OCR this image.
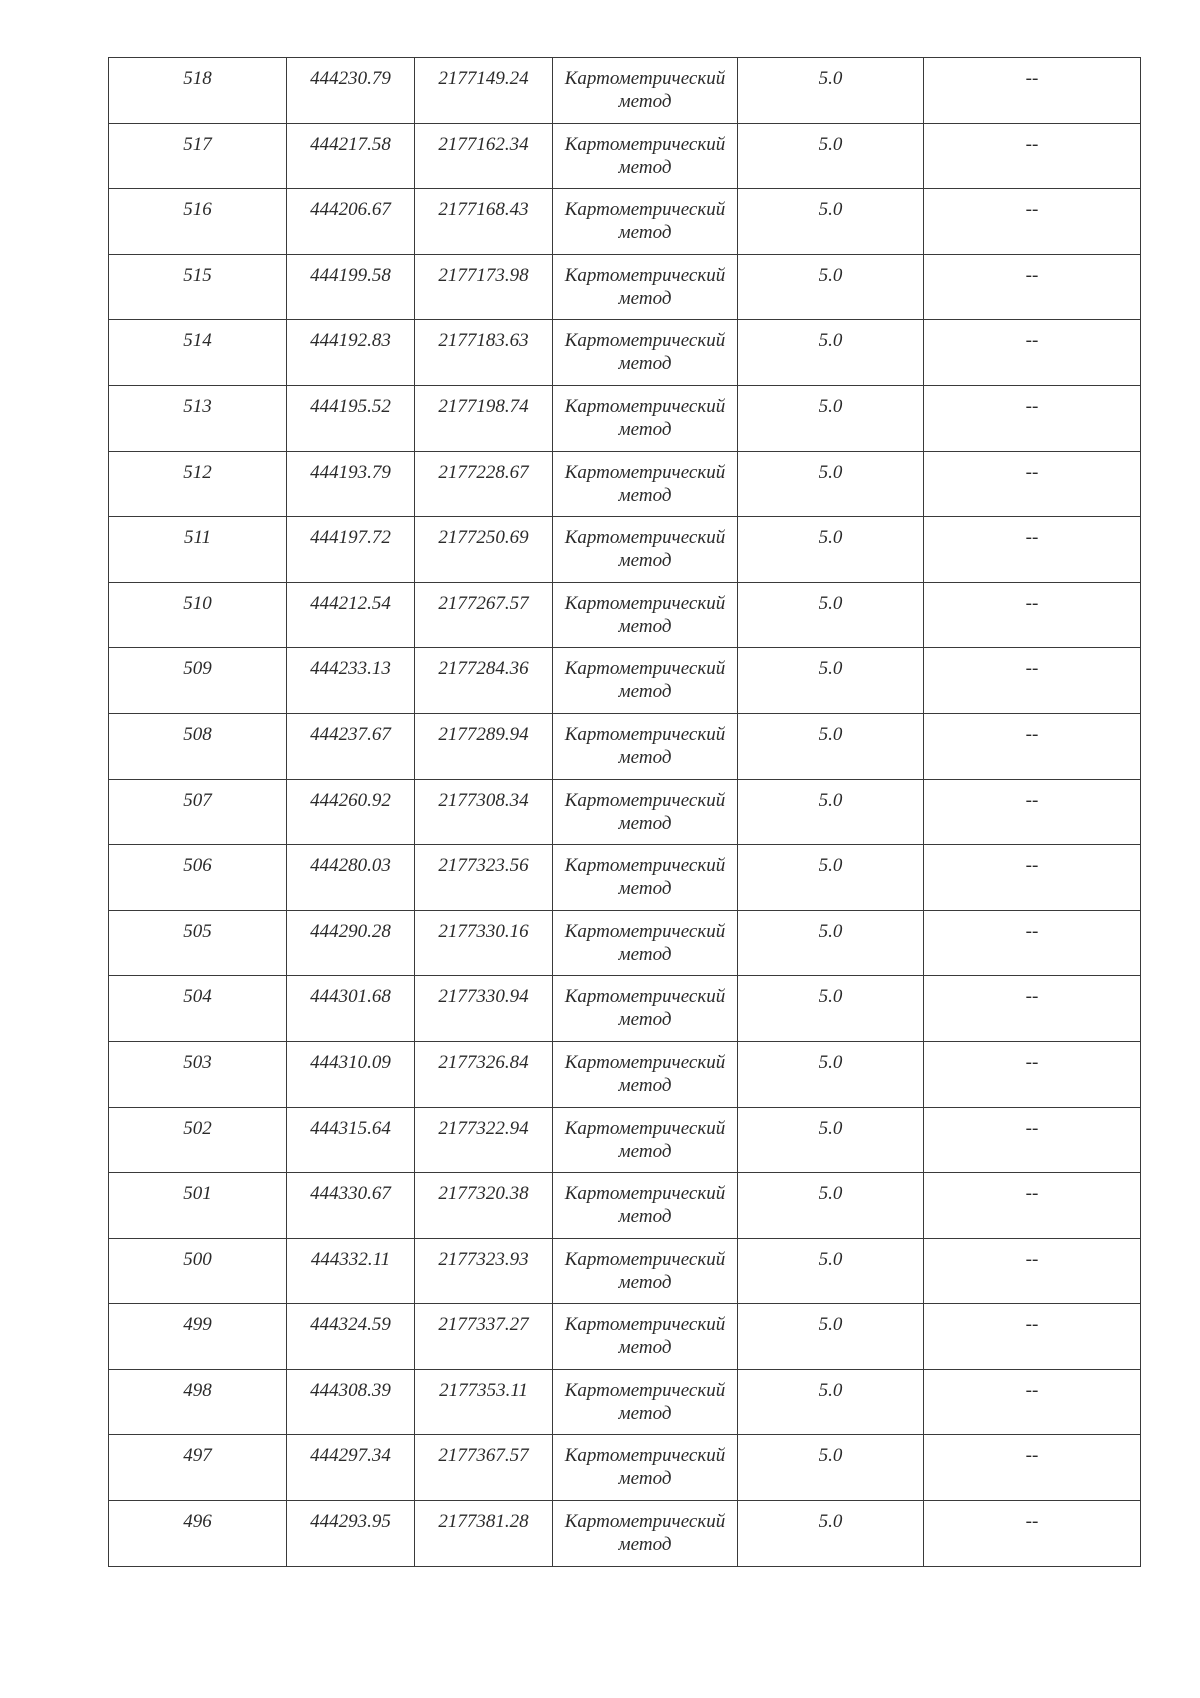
518	444230.79	2177149.24	Картометрический
метод	5.0	--

517	444217.58	2177162.34	Картометрический
метод	5.0	--

516	444206.67	2177168.43	Картометрический
метод	5.0	--

515	444199.58	2177173.98	Картометрический
метод	5.0	--

514	444192.83	2177183.63	Картометрический
метод	5.0	--

513	444195.52	2177198.74	Картометрический
метод	5.0	--

512	444193.79	2177228.67	Картометрический
метод	5.0	--

511	444197.72	2177250.69	Картометрический
метод	5.0	--

510	444212.54	2177267.57	Картометрический
метод	5.0	--

509	444233.13	2177284.36	Картометрический
метод	5.0	--

508	444237.67	2177289.94	Картометрический
метод	5.0	--

507	444260.92	2177308.34	Картометрический
метод	5.0	--

506	444280.03	2177323.56	Картометрический
метод	5.0	--

505	444290.28	2177330.16	Картометрический
метод	5.0	--

504	444301.68	2177330.94	Картометрический
метод	5.0	--

503	444310.09	2177326.84	Картометрический
метод	5.0	--

502	444315.64	2177322.94	Картометрический
метод	5.0	--

501	444330.67	2177320.38	Картометрический
метод	5.0	--

500	444332.11	2177323.93	Картометрический
метод	5.0	--

499	444324.59	2177337.27	Картометрический
метод	5.0	--

498	444308.39	2177353.11	Картометрический
метод	5.0	--

497	444297.34	2177367.57	Картометрический
метод	5.0	--

496	444293.95	2177381.28	Картометрический
метод	5.0	--
